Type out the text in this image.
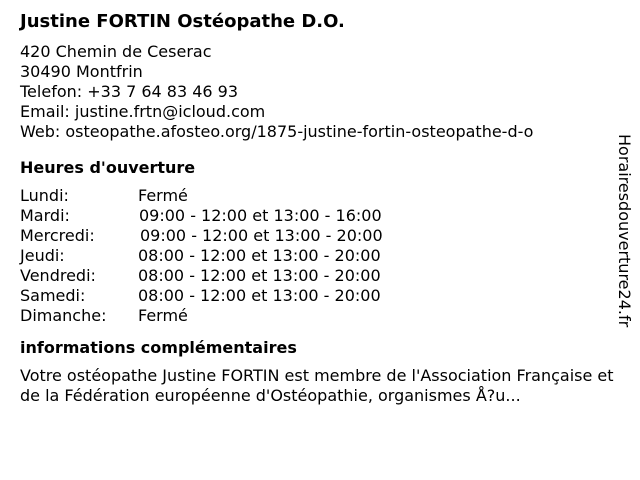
Justine FORTIN Ostéopathe D.O.
420 Chemin de Ceserac
30490 Montfrin
Telefon: +33 7 64 83 46 93
Email: justine.frtn@icloud.com
Web: osteopathe.afosteo.org/1875-justine-fortin-osteopathe-d-o
Heures d'ouverture
Lundi:	Fermé
Mardi:	09:00 - 12:00 et 13:00 - 16:00
Mercredi:	09:00 - 12:00 et 13:00 - 20:00
Jeudi:	08:00 - 12:00 et 13:00 - 20:00
Vendredi:	08:00 - 12:00 et 13:00 - 20:00
Samedi:	08:00 - 12:00 et 13:00 - 20:00
Dimanche: Fermé
informations complémentaires
Votre ostéopathe Justine FORTIN est membre de l'Association Française et de la Fédération européenne d'Ostéopathie, organismes Å?u...
Horairesdouverture24.fr
